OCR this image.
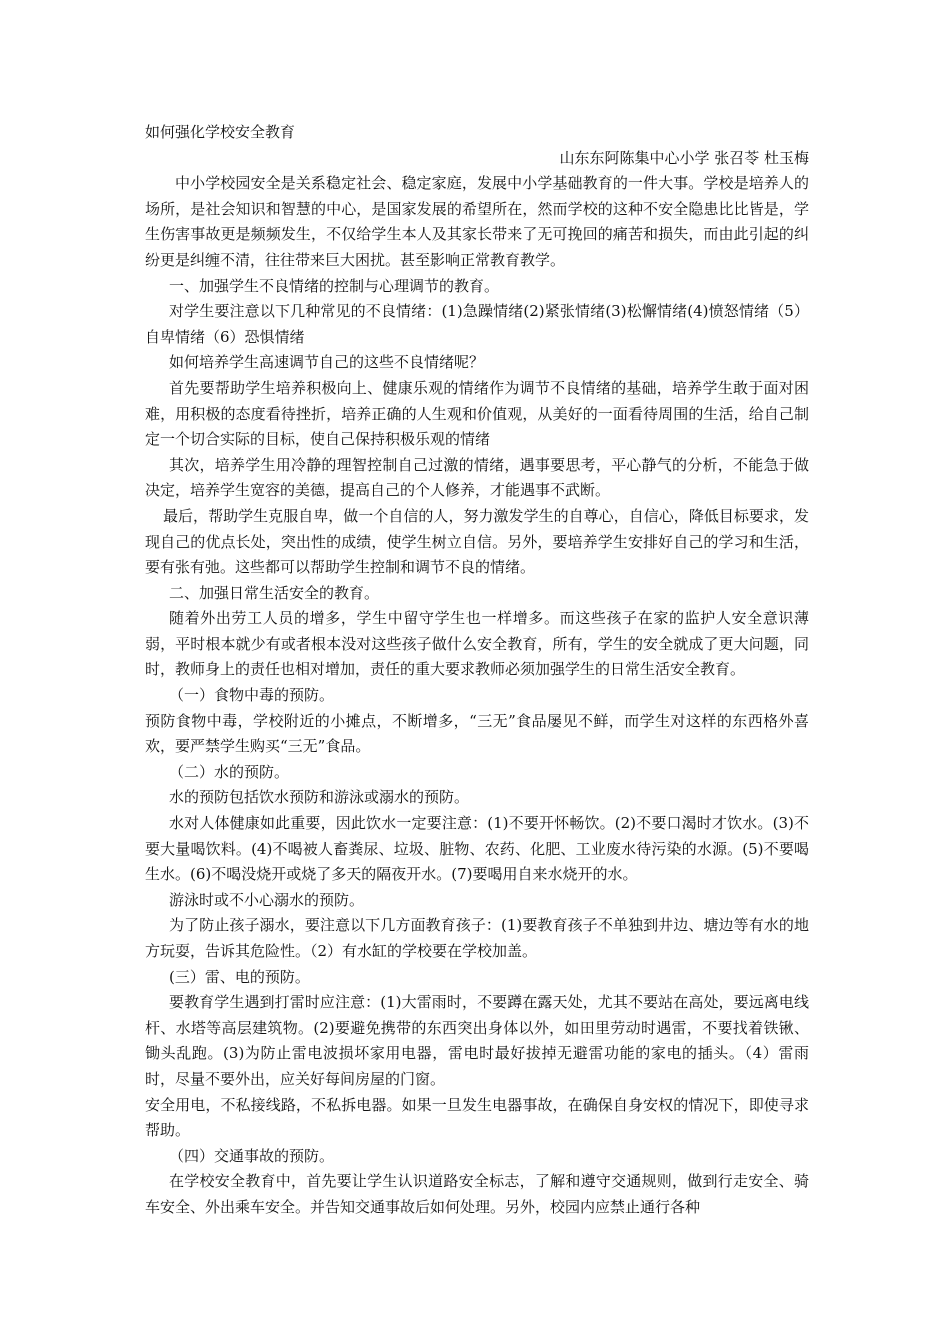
如何强化学校安全教育

山东东阿陈集中心小学 张召苓 杜玉梅

中小学校园安全是关系稳定社会、稳定家庭，发展中小学基础教育的一件大事。学校是培养人的场所，是社会知识和智慧的中心，是国家发展的希望所在，然而学校的这种不安全隐患比比皆是，学生伤害事故更是频频发生，不仅给学生本人及其家长带来了无可挽回的痛苦和损失，而由此引起的纠纷更是纠缠不清，往往带来巨大困扰。甚至影响正常教育教学。

一、加强学生不良情绪的控制与心理调节的教育。

对学生要注意以下几种常见的不良情绪：(1)急躁情绪(2)紧张情绪(3)松懈情绪(4)愤怒情绪（5）自卑情绪（6）恐惧情绪

如何培养学生高速调节自己的这些不良情绪呢？

首先要帮助学生培养积极向上、健康乐观的情绪作为调节不良情绪的基础，培养学生敢于面对困难，用积极的态度看待挫折，培养正确的人生观和价值观，从美好的一面看待周围的生活，给自己制定一个切合实际的目标，使自己保持积极乐观的情绪

其次，培养学生用冷静的理智控制自己过激的情绪，遇事要思考，平心静气的分析，不能急于做决定，培养学生宽容的美德，提高自己的个人修养，才能遇事不武断。

最后，帮助学生克服自卑，做一个自信的人，努力激发学生的自尊心，自信心，降低目标要求，发现自己的优点长处，突出性的成绩，使学生树立自信。另外，要培养学生安排好自己的学习和生活，要有张有弛。这些都可以帮助学生控制和调节不良的情绪。

二、加强日常生活安全的教育。

随着外出劳工人员的增多，学生中留守学生也一样增多。而这些孩子在家的监护人安全意识薄弱，平时根本就少有或者根本没对这些孩子做什么安全教育，所有，学生的安全就成了更大问题，同时，教师身上的责任也相对增加，责任的重大要求教师必须加强学生的日常生活安全教育。

（一）食物中毒的预防。

预防食物中毒，学校附近的小摊点，不断增多，“三无”食品屡见不鲜，而学生对这样的东西格外喜欢，要严禁学生购买“三无”食品。

（二）水的预防。

水的预防包括饮水预防和游泳或溺水的预防。

水对人体健康如此重要，因此饮水一定要注意：(1)不要开怀畅饮。(2)不要口渴时才饮水。(3)不要大量喝饮料。(4)不喝被人畜粪尿、垃圾、脏物、农药、化肥、工业废水待污染的水源。(5)不要喝生水。(6)不喝没烧开或烧了多天的隔夜开水。(7)要喝用自来水烧开的水。

游泳时或不小心溺水的预防。

为了防止孩子溺水，要注意以下几方面教育孩子：(1)要教育孩子不单独到井边、塘边等有水的地方玩耍，告诉其危险性。（2）有水缸的学校要在学校加盖。

(三）雷、电的预防。

要教育学生遇到打雷时应注意：(1)大雷雨时，不要蹲在露天处，尤其不要站在高处，要远离电线杆、水塔等高层建筑物。(2)要避免携带的东西突出身体以外，如田里劳动时遇雷，不要找着铁锹、锄头乱跑。(3)为防止雷电波损坏家用电器，雷电时最好拔掉无避雷功能的家电的插头。（4）雷雨时，尽量不要外出，应关好每间房屋的门窗。

安全用电，不私接线路，不私拆电器。如果一旦发生电器事故，在确保自身安权的情况下，即使寻求帮助。

（四）交通事故的预防。

在学校安全教育中，首先要让学生认识道路安全标志，了解和遵守交通规则，做到行走安全、骑车安全、外出乘车安全。并告知交通事故后如何处理。另外，校园内应禁止通行各种
